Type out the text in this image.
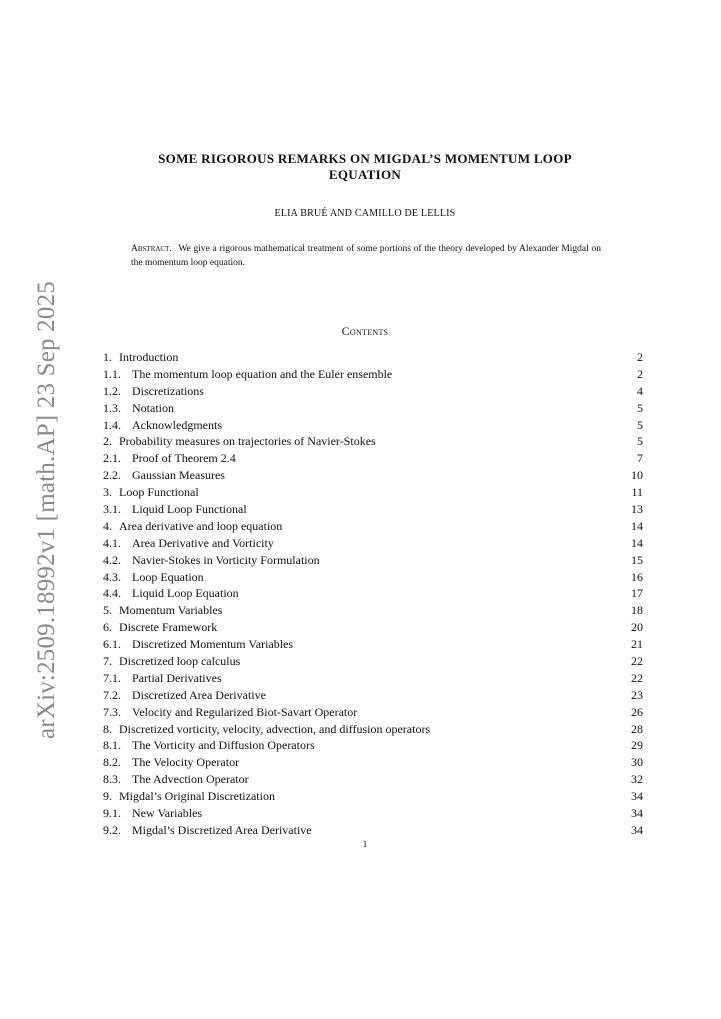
arXiv:2509.18992v1 [math.AP] 23 Sep 2025
SOME RIGOROUS REMARKS ON MIGDAL’S MOMENTUM LOOP
EQUATION
ELIA BRUÉ AND CAMILLO DE LELLIS
Abstract. We give a rigorous mathematical treatment of some portions of the theory developed by Alexander Migdal on the momentum loop equation.
Contents
1. Introduction	2
1.1. The momentum loop equation and the Euler ensemble	2
1.2. Discretizations	4
1.3. Notation	5
1.4. Acknowledgments	5
2. Probability measures on trajectories of Navier-Stokes	5
2.1. Proof of Theorem 2.4	7
2.2. Gaussian Measures	10
3. Loop Functional	11
3.1. Liquid Loop Functional	13
4. Area derivative and loop equation	14
4.1. Area Derivative and Vorticity	14
4.2. Navier-Stokes in Vorticity Formulation	15
4.3. Loop Equation	16
4.4. Liquid Loop Equation	17
5. Momentum Variables	18
6. Discrete Framework	20
6.1. Discretized Momentum Variables	21
7. Discretized loop calculus	22
7.1. Partial Derivatives	22
7.2. Discretized Area Derivative	23
7.3. Velocity and Regularized Biot-Savart Operator	26
8. Discretized vorticity, velocity, advection, and diffusion operators	28
8.1. The Vorticity and Diffusion Operators	29
8.2. The Velocity Operator	30
8.3. The Advection Operator	32
9. Migdal’s Original Discretization	34
9.1. New Variables	34
9.2. Migdal’s Discretized Area Derivative	34
1
